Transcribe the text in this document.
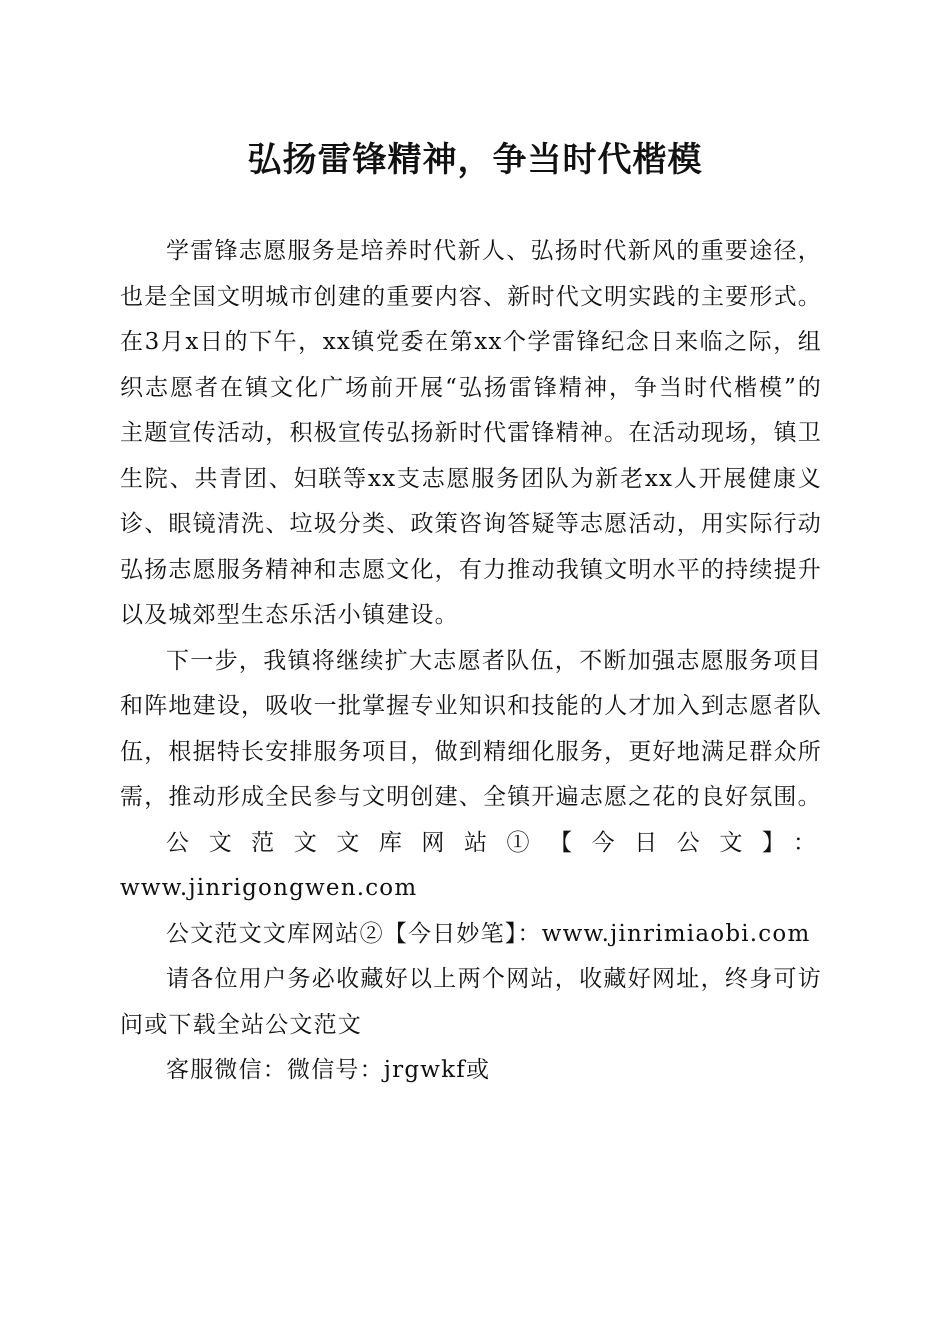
弘扬雷锋精神，争当时代楷模

学雷锋志愿服务是培养时代新人、弘扬时代新风的重要途径，也是全国文明城市创建的重要内容、新时代文明实践的主要形式。在3月x日的下午，xx镇党委在第xx个学雷锋纪念日来临之际，组织志愿者在镇文化广场前开展“弘扬雷锋精神，争当时代楷模”的主题宣传活动，积极宣传弘扬新时代雷锋精神。在活动现场，镇卫生院、共青团、妇联等xx支志愿服务团队为新老xx人开展健康义诊、眼镜清洗、垃圾分类、政策咨询答疑等志愿活动，用实际行动弘扬志愿服务精神和志愿文化，有力推动我镇文明水平的持续提升以及城郊型生态乐活小镇建设。

下一步，我镇将继续扩大志愿者队伍，不断加强志愿服务项目和阵地建设，吸收一批掌握专业知识和技能的人才加入到志愿者队伍，根据特长安排服务项目，做到精细化服务，更好地满足群众所需，推动形成全民参与文明创建、全镇开遍志愿之花的良好氛围。

公文范文文库网站①【今日公文】：

www.jinrigongwen.com

公文范文文库网站②【今日妙笔】：www.jinrimiaobi.com

请各位用户务必收藏好以上两个网站，收藏好网址，终身可访问或下载全站公文范文

客服微信：微信号：jrgwkf或
